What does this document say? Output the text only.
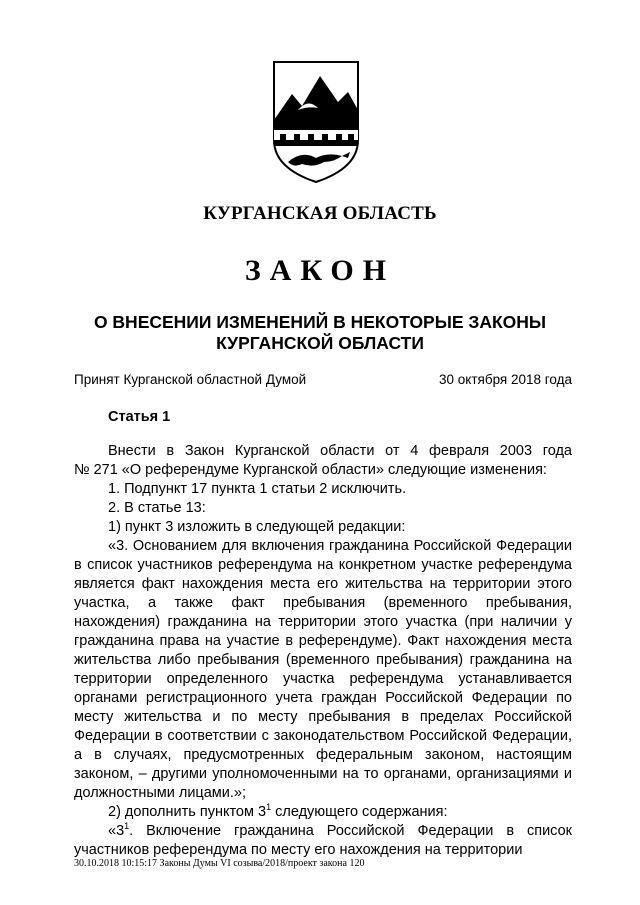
КУРГАНСКАЯ ОБЛАСТЬ
ЗАКОН
О ВНЕСЕНИИ ИЗМЕНЕНИЙ В НЕКОТОРЫЕ ЗАКОНЫ
КУРГАНСКОЙ ОБЛАСТИ
Принят Курганской областной Думой	30 октября 2018 года
Статья 1

Внести в Закон Курганской области от 4 февраля 2003 года

№ 271 «О референдуме Курганской области» следующие изменения:

1. Подпункт 17 пункта 1 статьи 2 исключить.

2. В статье 13:

1) пункт 3 изложить в следующей редакции:

«3. Основанием для включения гражданина Российской Федерации в список участников референдума на конкретном участке референдума является факт нахождения места его жительства на территории этого участка, а также факт пребывания (временного пребывания, нахождения) гражданина на территории этого участка (при наличии у гражданина права на участие в референдуме). Факт нахождения места жительства либо пребывания (временного пребывания) гражданина на территории определенного участка референдума устанавливается органами регистрационного учета граждан Российской Федерации по месту жительства и по месту пребывания в пределах Российской Федерации в соответствии с законодательством Российской Федерации, а в случаях, предусмотренных федеральным законом, настоящим законом, – другими уполномоченными на то органами, организациями и должностными лицами.»;

2) дополнить пунктом $3^1$ следующего содержания:

«$3^1$. Включение гражданина Российской Федерации в список участников референдума по месту его нахождения на территории

30.10.2018 10:15:17 Законы Думы VI созыва/2018/проект закона 120
